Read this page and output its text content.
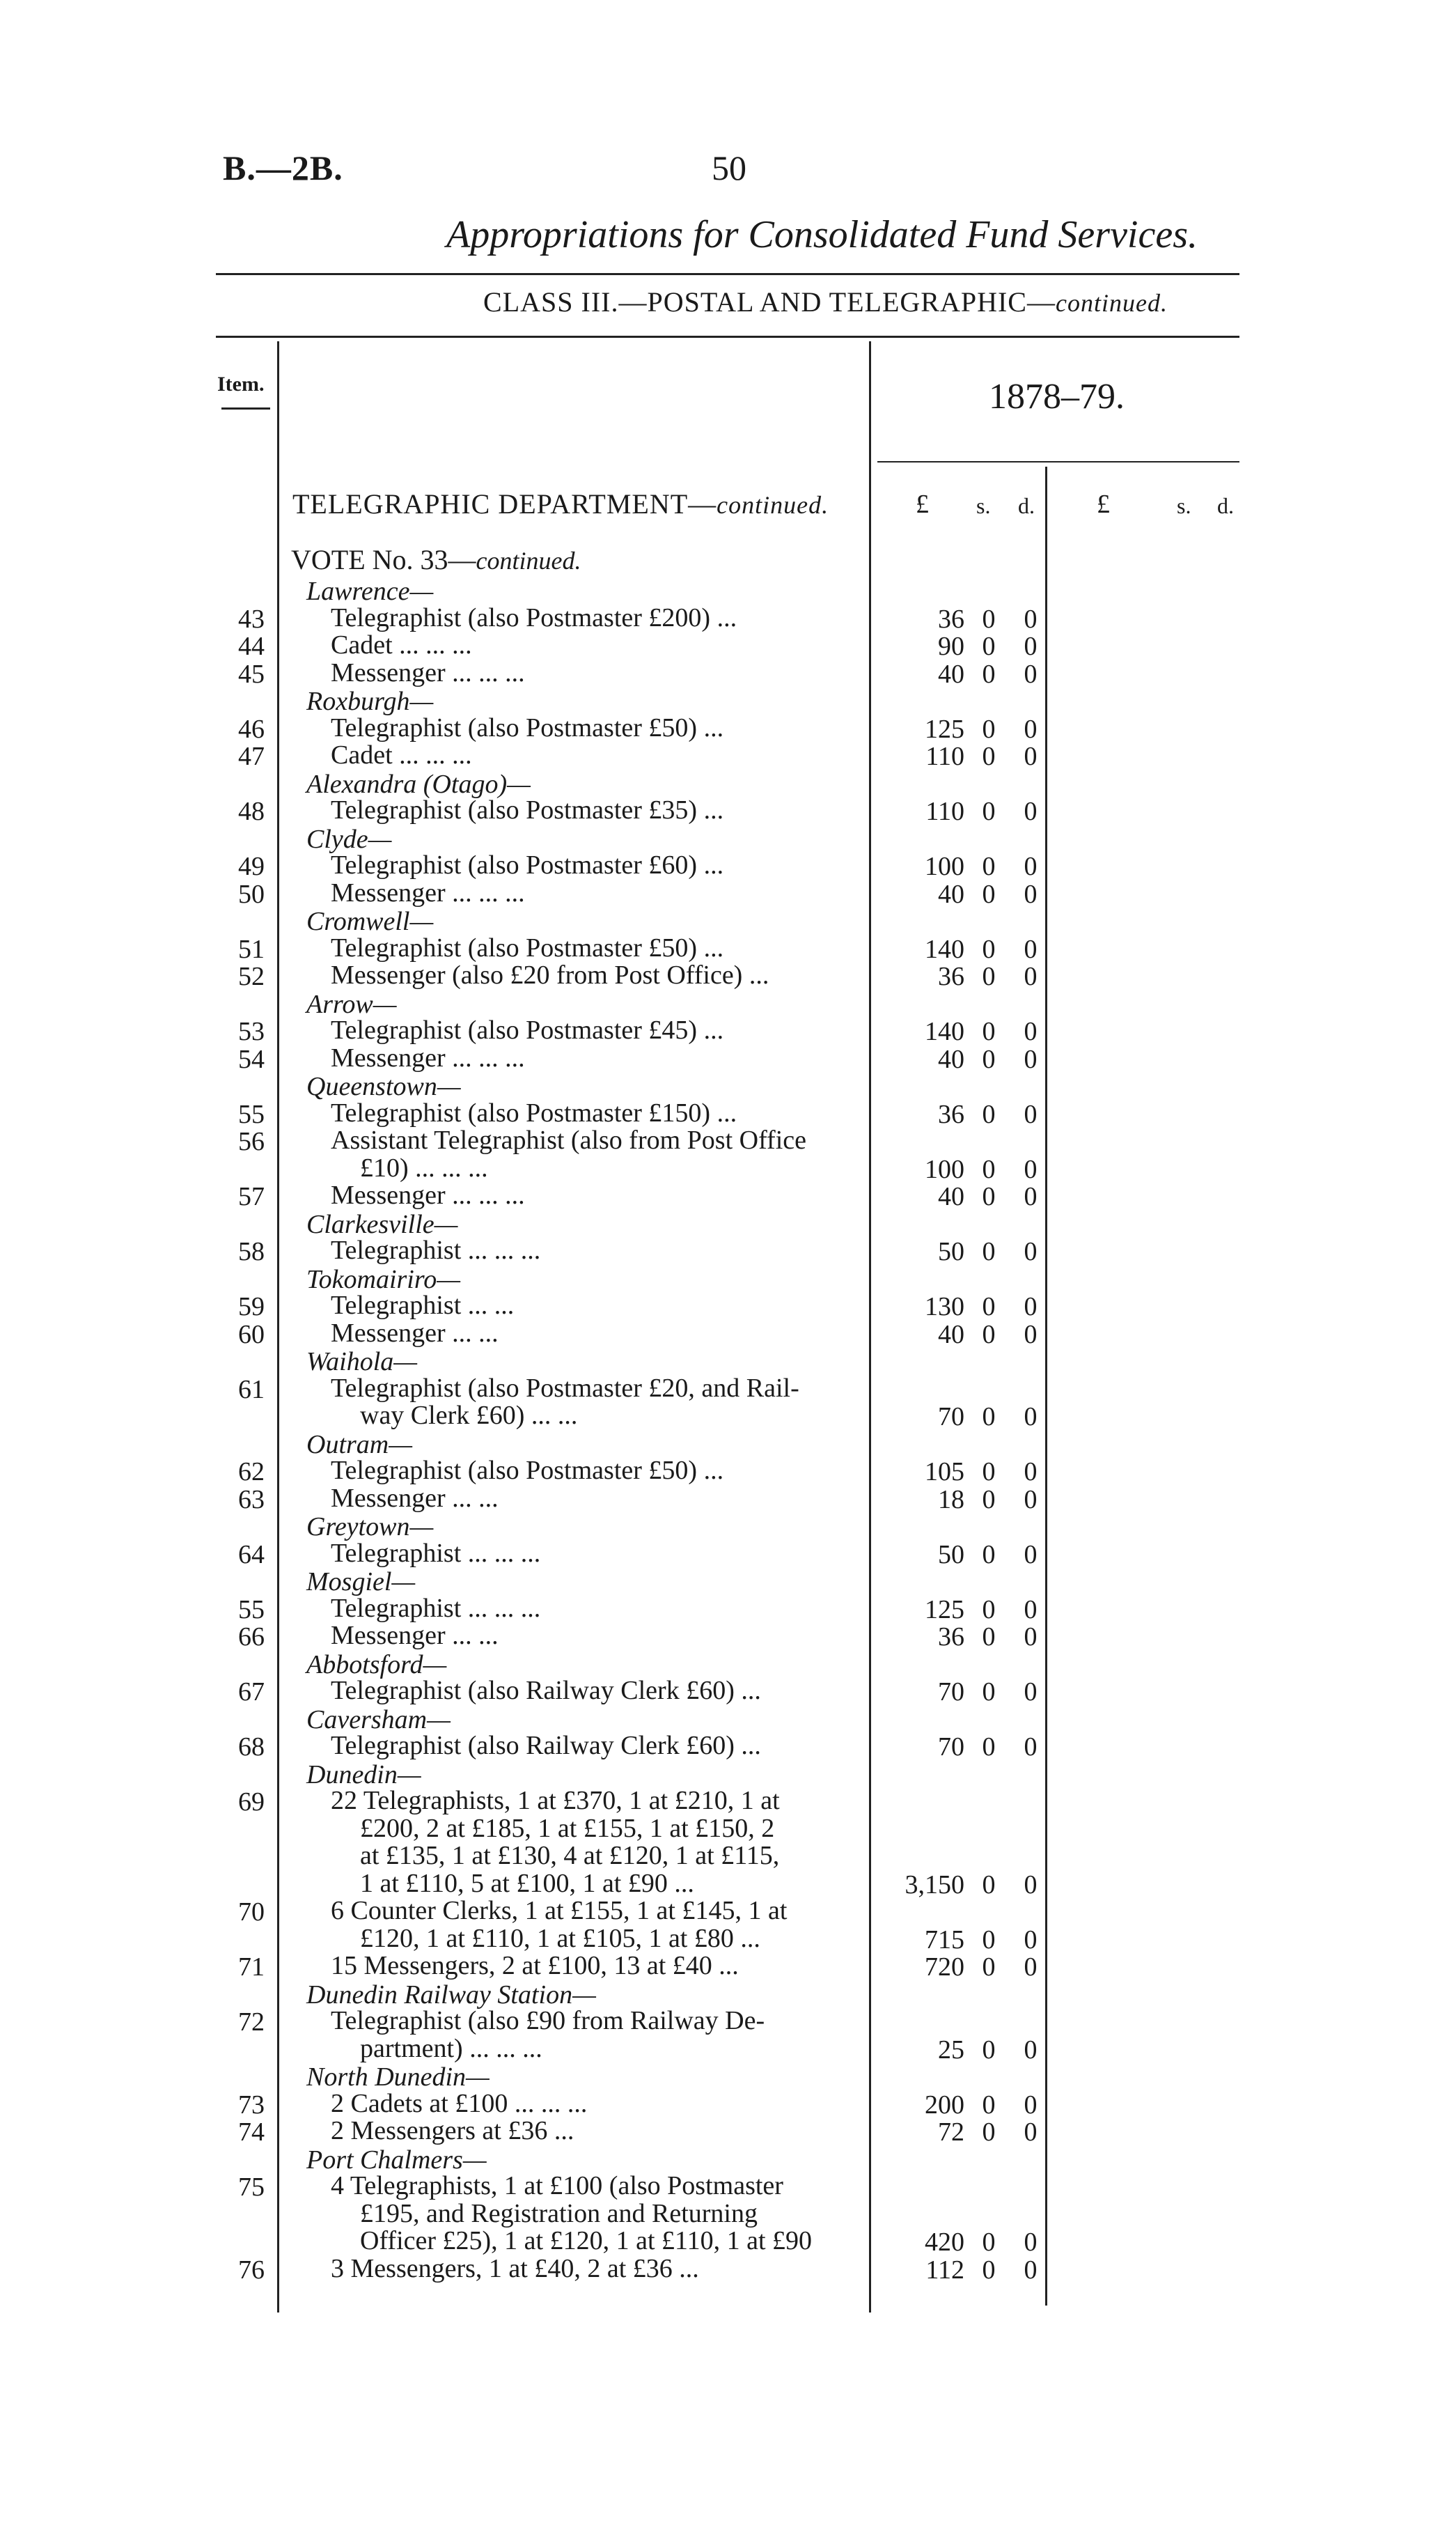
B.—2B.	50
Appropriations for Consolidated Fund Services.
CLASS III.—POSTAL AND TELEGRAPHIC—continued.
Item.	1878–79.
TELEGRAPHIC DEPARTMENT—continued.	£ s. d. £	s. d.
VOTE No. 33—continued.
Lawrence—
43	Telegraphist (also Postmaster £200) ...	36 0 0
44	Cadet ... ... ...	90 0 0
45	Messenger ... ... ...	40 0 0
Roxburgh—
46	Telegraphist (also Postmaster £50) ...	125 0 0
47	Cadet ... ... ...	110 0 0
Alexandra (Otago)—
48	Telegraphist (also Postmaster £35) ...	110 0 0
Clyde—
49	Telegraphist (also Postmaster £60) ...	100 0 0
50	Messenger ... ... ...	40 0 0
Cromwell—
51	Telegraphist (also Postmaster £50) ...	140 0 0
52	Messenger (also £20 from Post Office) ...	36 0 0
Arrow—
53	Telegraphist (also Postmaster £45) ...	140 0 0
54	Messenger ... ... ...	40 0 0
Queenstown—
55	Telegraphist (also Postmaster £150) ...	36 0 0
56	Assistant Telegraphist (also from Post Office
£10) ... ... ...	100 0 0
57	Messenger ... ... ...	40 0 0
Clarkesville—
58	Telegraphist ... ... ...	50 0 0
Tokomairiro—
59	Telegraphist ... ...	130 0 0
60	Messenger ... ...	40 0 0
Waihola—
61	Telegraphist (also Postmaster £20, and Rail-
way Clerk £60) ... ...	70 0 0
Outram—
62	Telegraphist (also Postmaster £50) ...	105 0 0
63	Messenger ... ...	18 0 0
Greytown—
64	Telegraphist ... ... ...	50 0 0
Mosgiel—
55	Telegraphist ... ... ...	125 0 0
66	Messenger ... ...	36 0 0
Abbotsford—
67	Telegraphist (also Railway Clerk £60) ...	70 0 0
Caversham—
68	Telegraphist (also Railway Clerk £60) ...	70 0 0
Dunedin—
69	22 Telegraphists, 1 at £370, 1 at £210, 1 at
£200, 2 at £185, 1 at £155, 1 at £150, 2
at £135, 1 at £130, 4 at £120, 1 at £115,
1 at £110, 5 at £100, 1 at £90 ...	3,150 0 0
70	6 Counter Clerks, 1 at £155, 1 at £145, 1 at
£120, 1 at £110, 1 at £105, 1 at £80 ...	715 0 0
71	15 Messengers, 2 at £100, 13 at £40 ...	720 0 0
Dunedin Railway Station—
72	Telegraphist (also £90 from Railway De-
partment) ... ... ...	25 0 0
North Dunedin—
73	2 Cadets at £100 ... ... ...	200 0 0
74	2 Messengers at £36 ...	72 0 0
Port Chalmers—
75	4 Telegraphists, 1 at £100 (also Postmaster
£195, and Registration and Returning
Officer £25), 1 at £120, 1 at £110, 1 at £90	420 0 0
76	3 Messengers, 1 at £40, 2 at £36 ...	112 0 0
